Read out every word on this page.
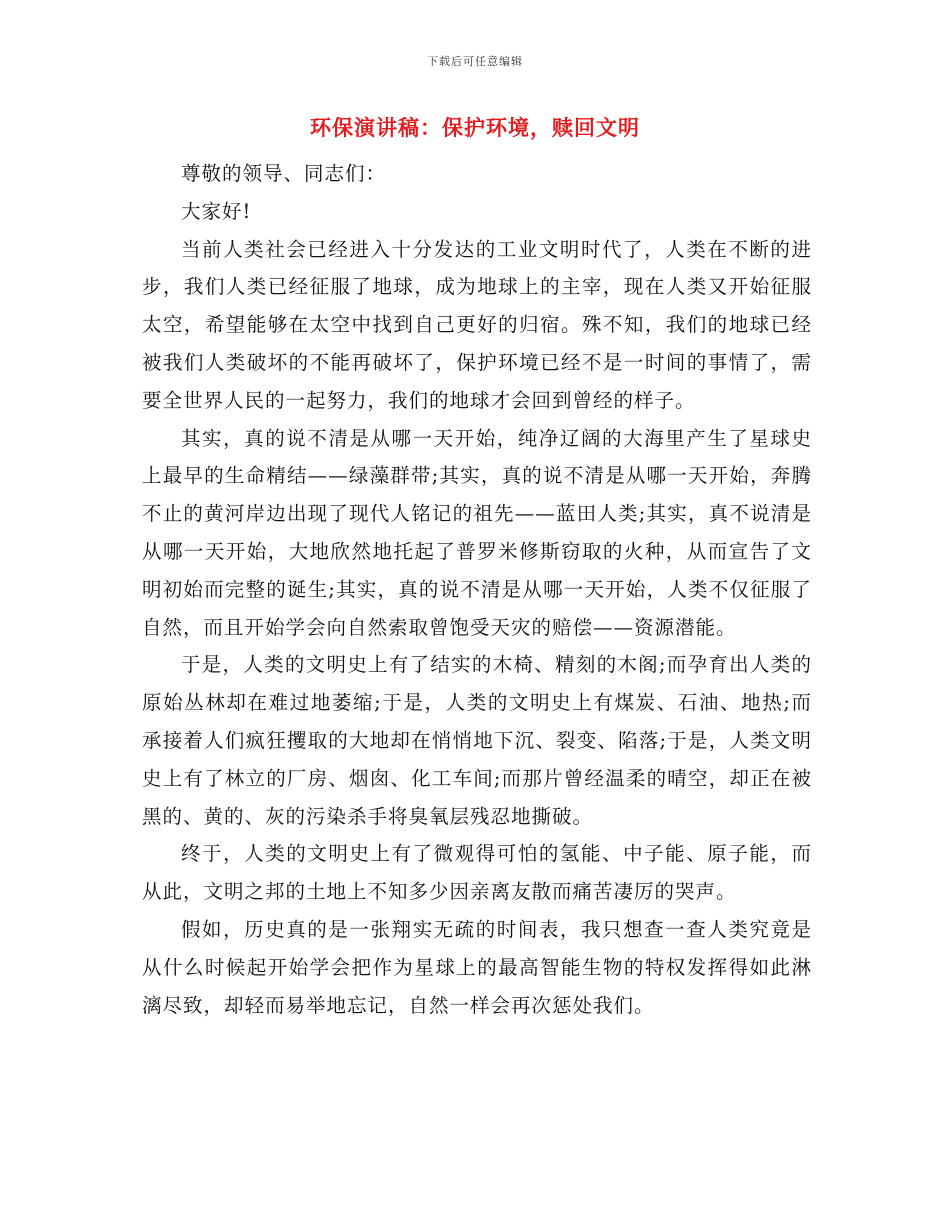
下载后可任意编辑
环保演讲稿：保护环境，赎回文明

尊敬的领导、同志们：

大家好!

当前人类社会已经进入十分发达的工业文明时代了，人类在不断的进步，我们人类已经征服了地球，成为地球上的主宰，现在人类又开始征服太空，希望能够在太空中找到自己更好的归宿。殊不知，我们的地球已经被我们人类破坏的不能再破坏了，保护环境已经不是一时间的事情了，需要全世界人民的一起努力，我们的地球才会回到曾经的样子。

其实，真的说不清是从哪一天开始，纯净辽阔的大海里产生了星球史上最早的生命精结——绿藻群带;其实，真的说不清是从哪一天开始，奔腾不止的黄河岸边出现了现代人铭记的祖先——蓝田人类;其实，真不说清是从哪一天开始，大地欣然地托起了普罗米修斯窃取的火种，从而宣告了文明初始而完整的诞生;其实，真的说不清是从哪一天开始，人类不仅征服了自然，而且开始学会向自然索取曾饱受天灾的赔偿——资源潜能。

于是，人类的文明史上有了结实的木椅、精刻的木阁;而孕育出人类的原始丛林却在难过地萎缩;于是，人类的文明史上有煤炭、石油、地热;而承接着人们疯狂攫取的大地却在悄悄地下沉、裂变、陷落;于是，人类文明史上有了林立的厂房、烟囱、化工车间;而那片曾经温柔的晴空，却正在被黑的、黄的、灰的污染杀手将臭氧层残忍地撕破。

终于，人类的文明史上有了微观得可怕的氢能、中子能、原子能，而从此，文明之邦的土地上不知多少因亲离友散而痛苦凄厉的哭声。

假如，历史真的是一张翔实无疏的时间表，我只想查一查人类究竟是从什么时候起开始学会把作为星球上的最高智能生物的特权发挥得如此淋漓尽致，却轻而易举地忘记，自然一样会再次惩处我们。
